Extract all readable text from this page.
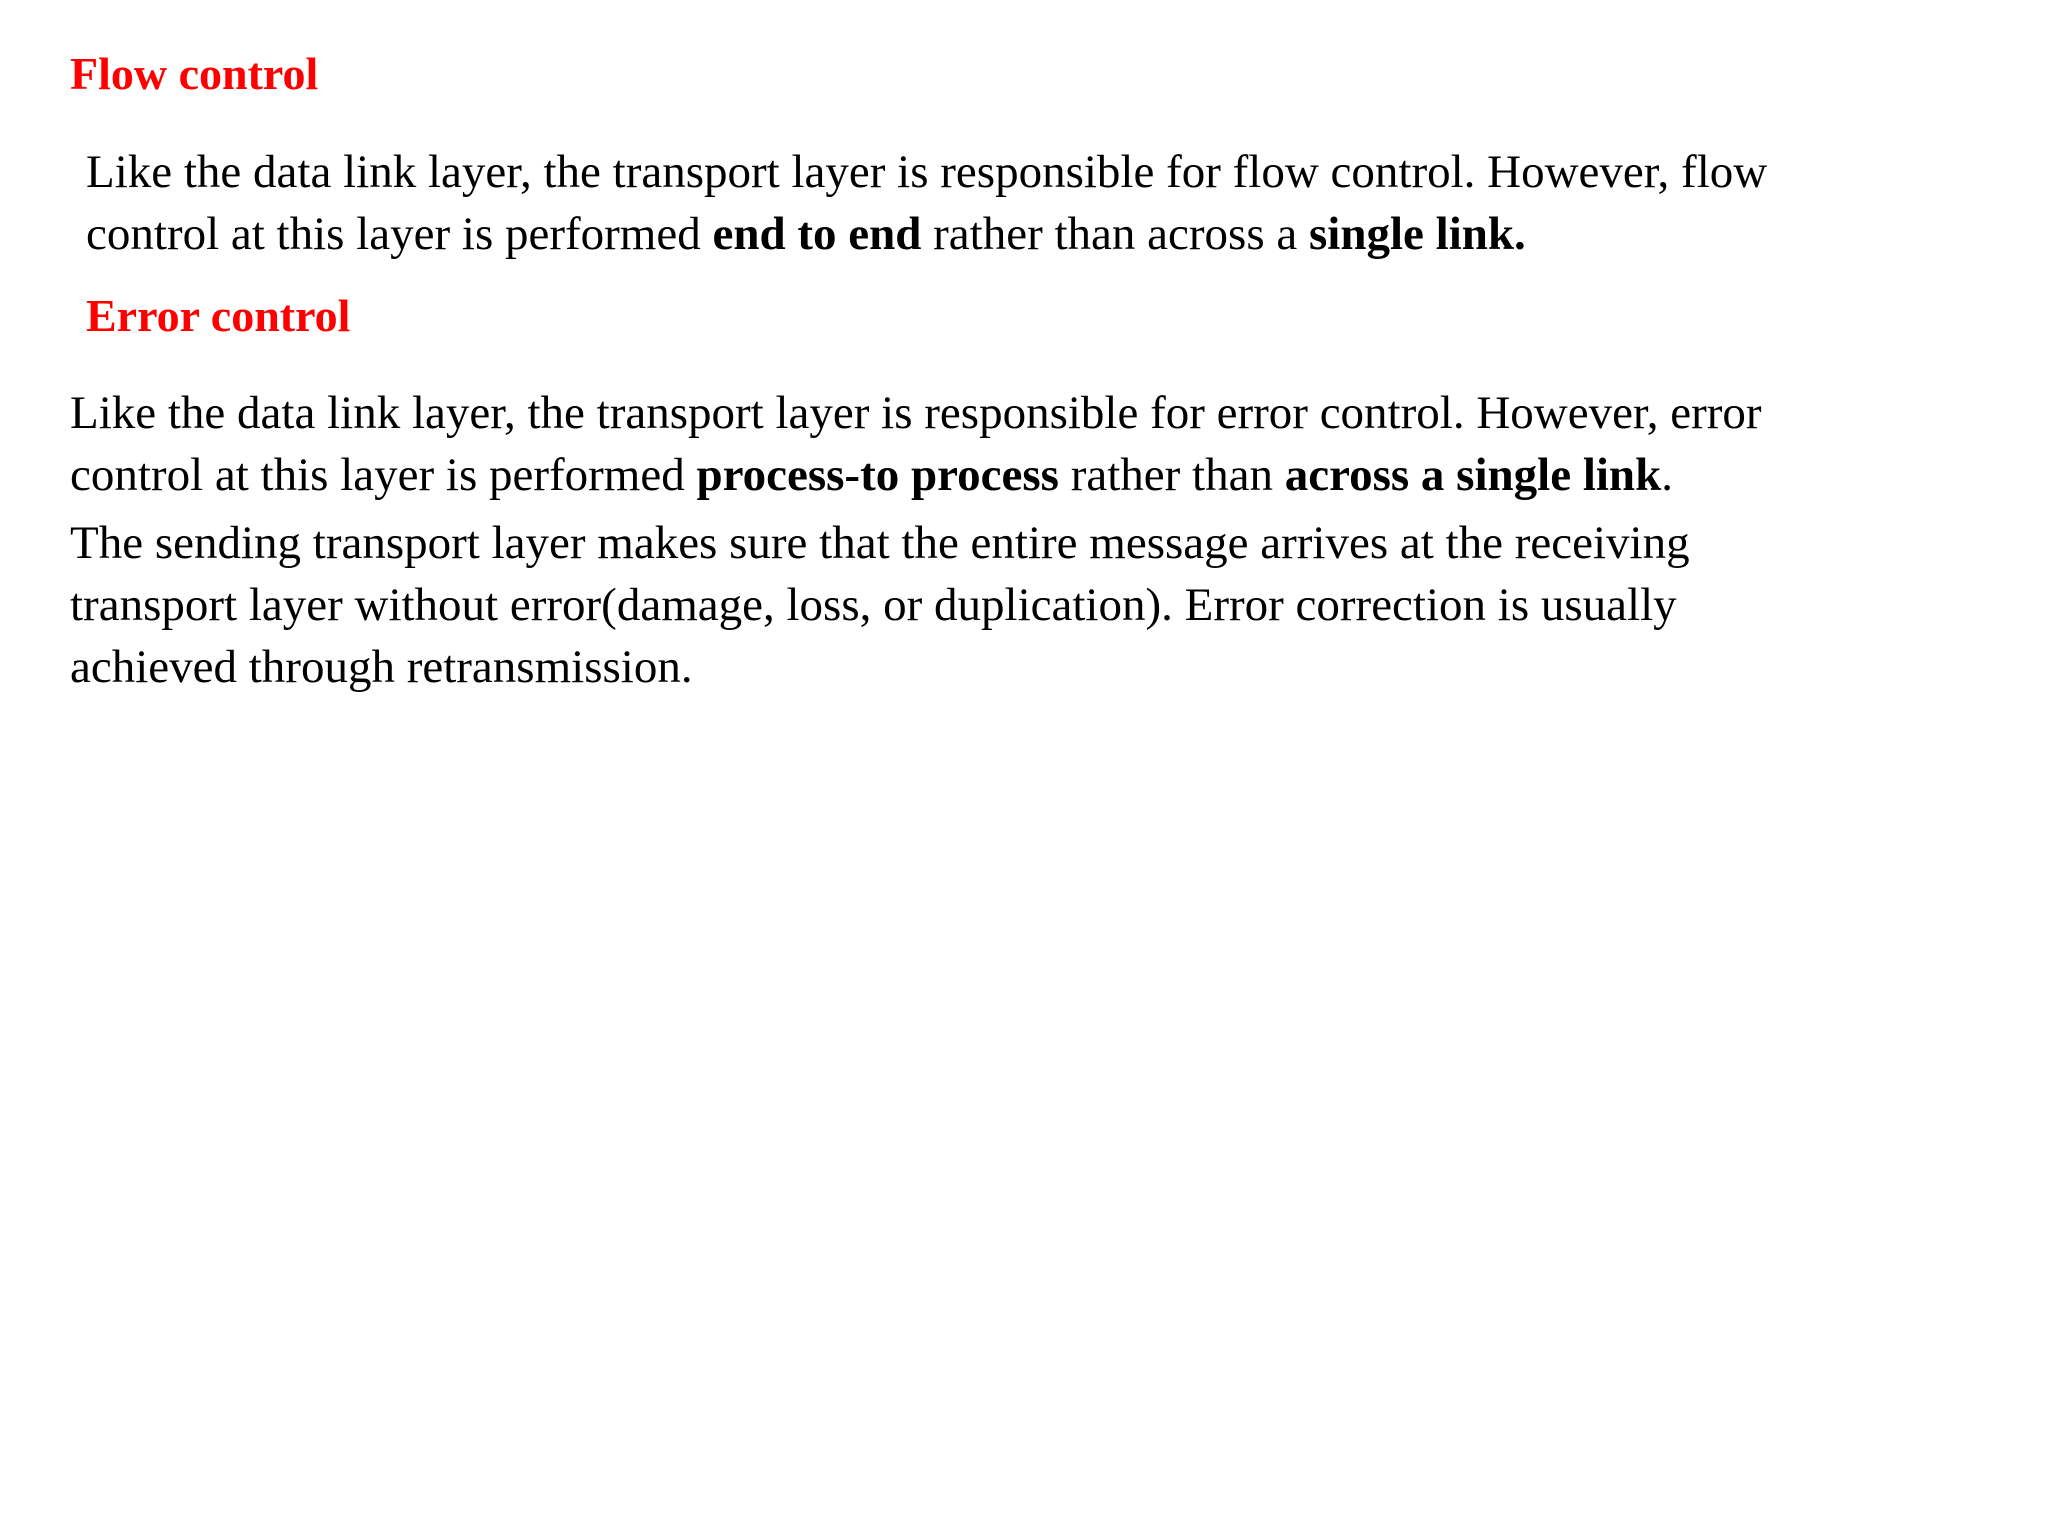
Flow control

Like the data link layer, the transport layer is responsible for flow control. However, flow
control at this layer is performed end to end rather than across a single link.

Error control

Like the data link layer, the transport layer is responsible for error control. However, error
control at this layer is performed process-to process rather than across a single link.

The sending transport layer makes sure that the entire message arrives at the receiving
transport layer without error(damage, loss, or duplication). Error correction is usually
achieved through retransmission.
